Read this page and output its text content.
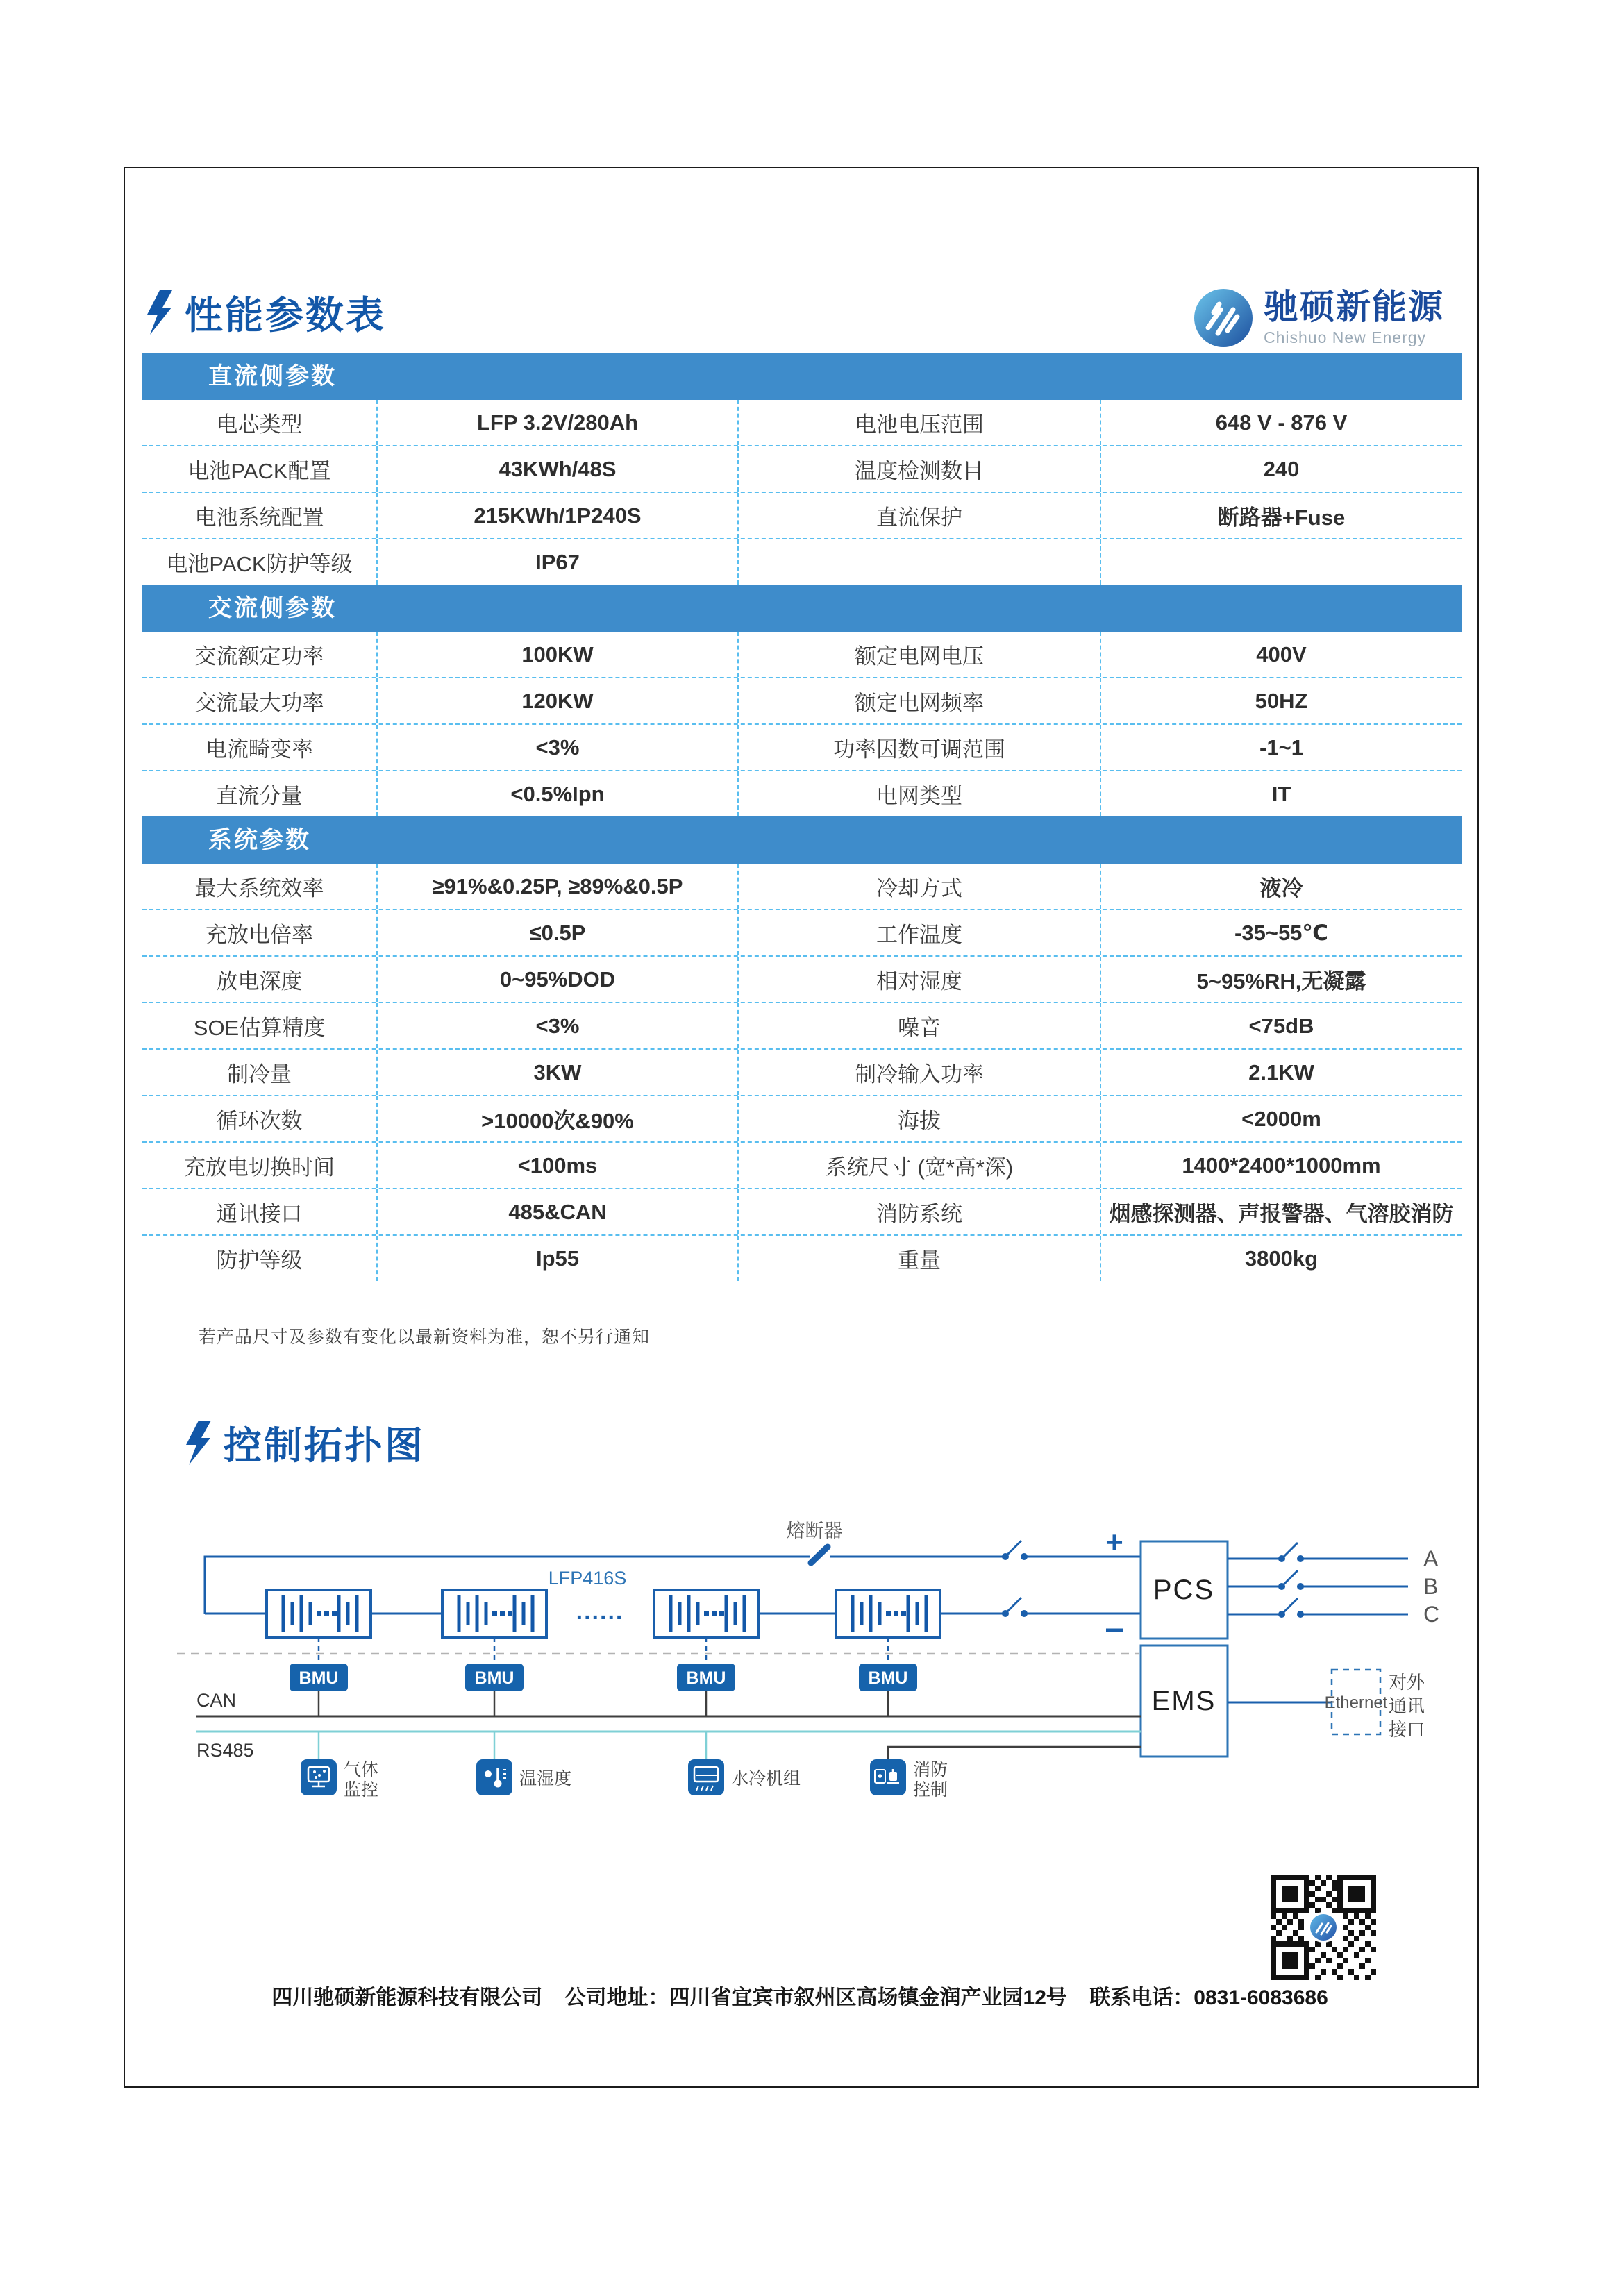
性能参数表	驰硕新能源
Chishuo New Energy
直流侧参数
电芯类型	LFP 3.2V/280Ah	电池电压范围	648 V - 876 V
电池PACK配置	43KWh/48S	温度检测数目	240
电池系统配置	215KWh/1P240S	直流保护	断路器+Fuse
电池PACK防护等级	IP67
交流侧参数
交流额定功率	100KW	额定电网电压	400V
交流最大功率	120KW	额定电网频率	50HZ
电流畸变率	<3%	功率因数可调范围	-1~1
直流分量	<0.5%Ipn	电网类型	IT
系统参数
最大系统效率	≥91%&0.25P, ≥89%&0.5P	冷却方式	液冷
充放电倍率	≤0.5P	工作温度	-35~55℃
放电深度	0~95%DOD	相对湿度	5~95%RH,无凝露
SOE估算精度	<3%	噪音	<75dB
制冷量	3KW	制冷输入功率	2.1KW
循环次数	>10000次&90%	海拔	<2000m
充放电切换时间	<100ms	系统尺寸 (宽*高*深)	1400*2400*1000mm
通讯接口	485&CAN	消防系统	烟感探测器、声报警器、气溶胶消防
防护等级	Ip55	重量	3800kg
若产品尺寸及参数有变化以最新资料为准，恕不另行通知
控制拓扑图
熔断器	+
......
LFP416S
−
PCS
A
B
C
EMS	Ethernet
对外
通讯
接口
BMU	BMU	BMU	BMU
CAN
RS485
气体
监控
温湿度	水冷机组	消防
控制
四川驰硕新能源科技有限公司 公司地址：四川省宜宾市叙州区高场镇金润产业园12号 联系电话：0831-6083686
